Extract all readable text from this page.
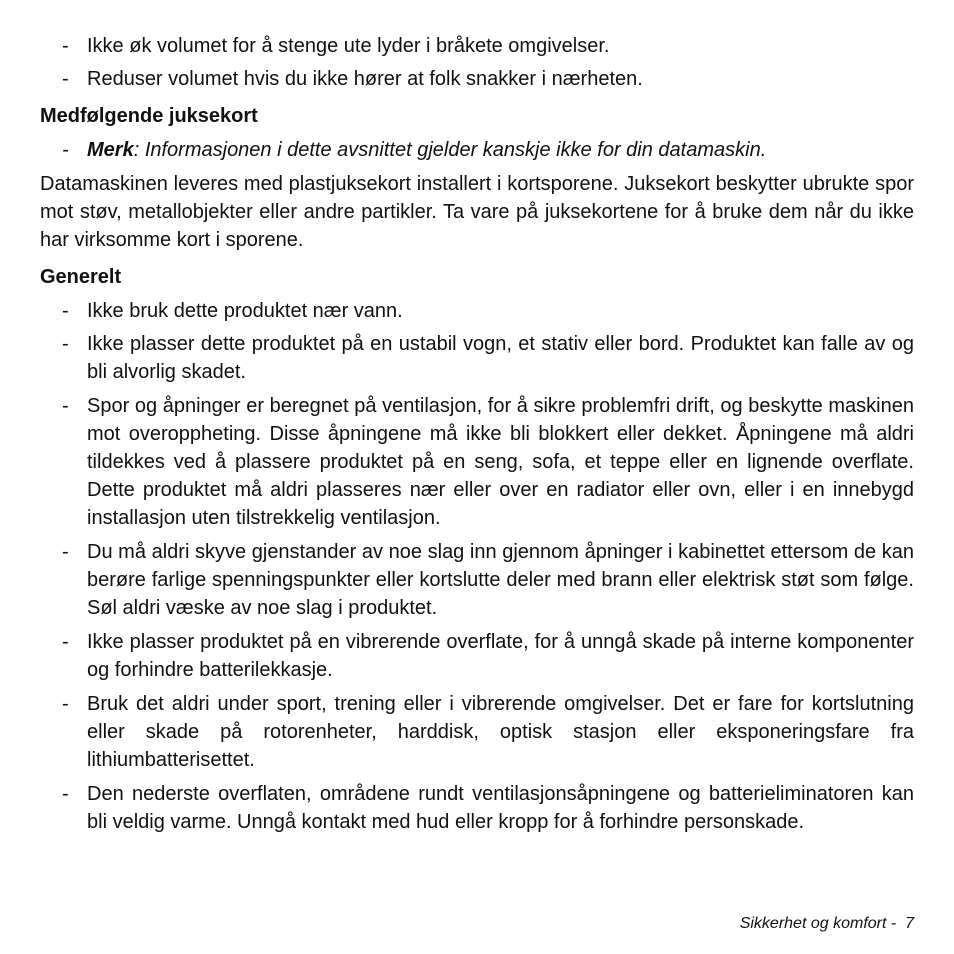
- Ikke øk volumet for å stenge ute lyder i bråkete omgivelser.
- Reduser volumet hvis du ikke hører at folk snakker i nærheten.
Medfølgende juksekort
- Merk: Informasjonen i dette avsnittet gjelder kanskje ikke for din datamaskin.

Datamaskinen leveres med plastjuksekort installert i kortsporene. Juksekort beskytter ubrukte spor mot støv, metallobjekter eller andre partikler. Ta vare på juksekortene for å bruke dem når du ikke har virksomme kort i sporene.

Generelt
- Ikke bruk dette produktet nær vann.
- Ikke plasser dette produktet på en ustabil vogn, et stativ eller bord. Produktet kan falle av og bli alvorlig skadet.
- Spor og åpninger er beregnet på ventilasjon, for å sikre problemfri drift, og beskytte maskinen mot overoppheting. Disse åpningene må ikke bli blokkert eller dekket. Åpningene må aldri tildekkes ved å plassere produktet på en seng, sofa, et teppe eller en lignende overflate. Dette produktet må aldri plasseres nær eller over en radiator eller ovn, eller i en innebygd installasjon uten tilstrekkelig ventilasjon.
- Du må aldri skyve gjenstander av noe slag inn gjennom åpninger i kabinettet ettersom de kan berøre farlige spenningspunkter eller kortslutte deler med brann eller elektrisk støt som følge. Søl aldri væske av noe slag i produktet.
- Ikke plasser produktet på en vibrerende overflate, for å unngå skade på interne komponenter og forhindre batterilekkasje.
- Bruk det aldri under sport, trening eller i vibrerende omgivelser. Det er fare for kortslutning eller skade på rotorenheter, harddisk, optisk stasjon eller eksponeringsfare fra lithiumbatterisettet.
- Den nederste overflaten, områdene rundt ventilasjonsåpningene og batterieliminatoren kan bli veldig varme. Unngå kontakt med hud eller kropp for å forhindre personskade.
Sikkerhet og komfort - 7
